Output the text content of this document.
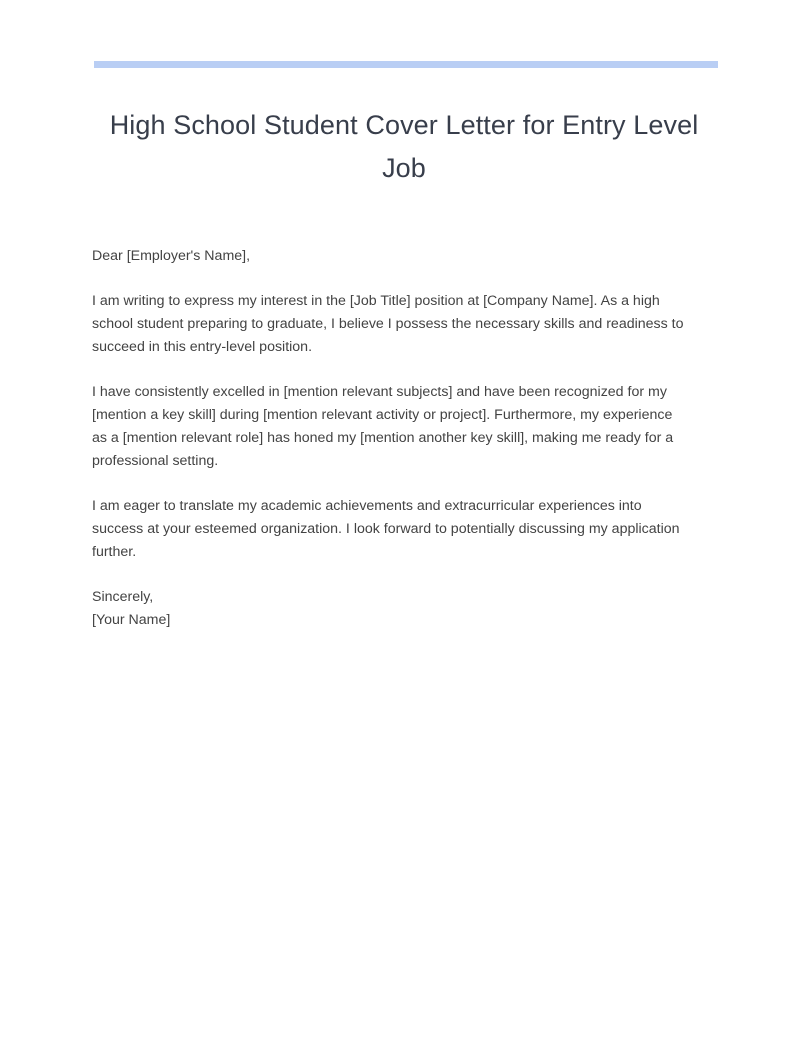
High School Student Cover Letter for Entry Level Job

Dear [Employer's Name],

I am writing to express my interest in the [Job Title] position at [Company Name]. As a high school student preparing to graduate, I believe I possess the necessary skills and readiness to succeed in this entry-level position.

I have consistently excelled in [mention relevant subjects] and have been recognized for my [mention a key skill] during [mention relevant activity or project]. Furthermore, my experience as a [mention relevant role] has honed my [mention another key skill], making me ready for a professional setting.

I am eager to translate my academic achievements and extracurricular experiences into success at your esteemed organization. I look forward to potentially discussing my application further.

Sincerely,
[Your Name]
